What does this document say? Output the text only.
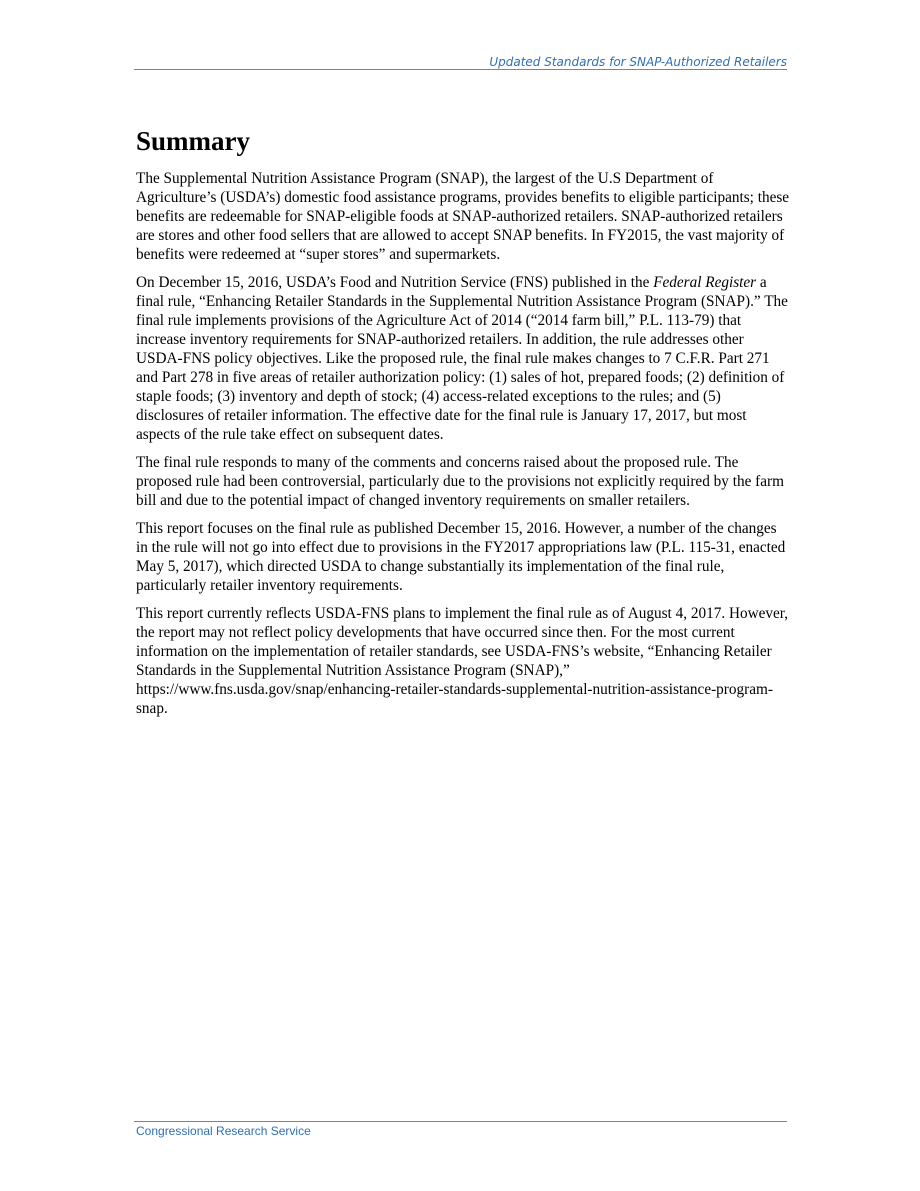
Updated Standards for SNAP-Authorized Retailers
Summary

The Supplemental Nutrition Assistance Program (SNAP), the largest of the U.S Department of Agriculture’s (USDA’s) domestic food assistance programs, provides benefits to eligible participants; these benefits are redeemable for SNAP-eligible foods at SNAP-authorized retailers. SNAP-authorized retailers are stores and other food sellers that are allowed to accept SNAP benefits. In FY2015, the vast majority of benefits were redeemed at “super stores” and supermarkets.

On December 15, 2016, USDA’s Food and Nutrition Service (FNS) published in the Federal Register a final rule, “Enhancing Retailer Standards in the Supplemental Nutrition Assistance Program (SNAP).” The final rule implements provisions of the Agriculture Act of 2014 (“2014 farm bill,” P.L. 113-79) that increase inventory requirements for SNAP-authorized retailers. In addition, the rule addresses other USDA-FNS policy objectives. Like the proposed rule, the final rule makes changes to 7 C.F.R. Part 271 and Part 278 in five areas of retailer authorization policy: (1) sales of hot, prepared foods; (2) definition of staple foods; (3) inventory and depth of stock; (4) access-related exceptions to the rules; and (5) disclosures of retailer information. The effective date for the final rule is January 17, 2017, but most aspects of the rule take effect on subsequent dates.

The final rule responds to many of the comments and concerns raised about the proposed rule. The proposed rule had been controversial, particularly due to the provisions not explicitly required by the farm bill and due to the potential impact of changed inventory requirements on smaller retailers.

This report focuses on the final rule as published December 15, 2016. However, a number of the changes in the rule will not go into effect due to provisions in the FY2017 appropriations law (P.L. 115-31, enacted May 5, 2017), which directed USDA to change substantially its implementation of the final rule, particularly retailer inventory requirements.

This report currently reflects USDA-FNS plans to implement the final rule as of August 4, 2017. However, the report may not reflect policy developments that have occurred since then. For the most current information on the implementation of retailer standards, see USDA-FNS’s website, “Enhancing Retailer Standards in the Supplemental Nutrition Assistance Program (SNAP),” https://www.fns.usda.gov/snap/enhancing-retailer-standards-supplemental-nutrition-assistance-program-snap.

Congressional Research Service
